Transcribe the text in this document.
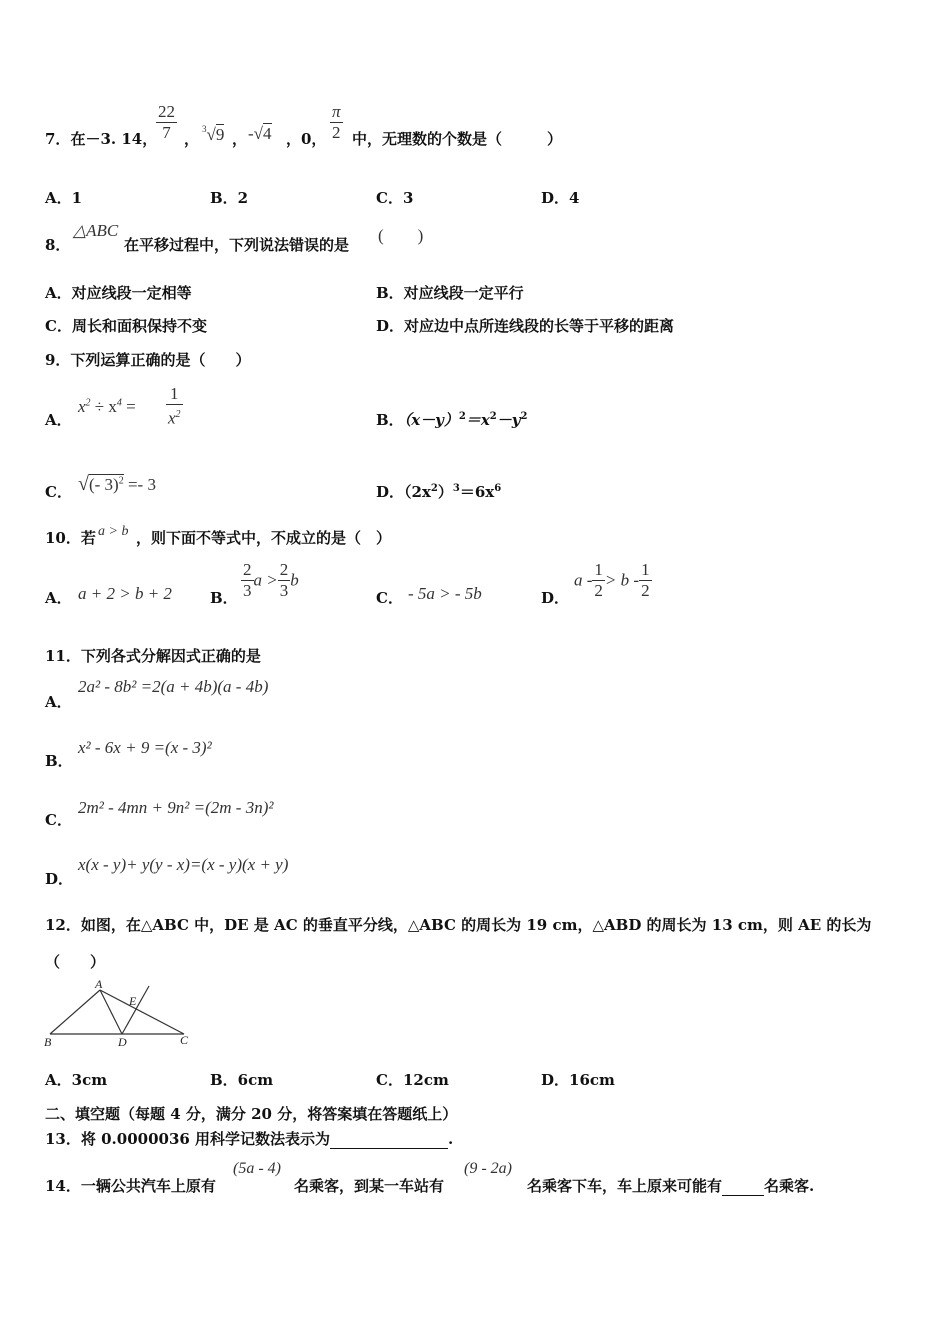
7．在－3. 14，
$\frac{22}{7}$ ，
$^3$√9 ， -√4 ，0， $\frac{\pi}{2}$ 中，无理数的个数是（　　　）
A．1	B．2	C．3	D．4
8．
△ABC
在平移过程中，下列说法错误的是 (　　)
A．对应线段一定相等	B．对应线段一定平行
C．周长和面积保持不变	D．对应边中点所连线段的长等于平移的距离
9．下列运算正确的是（　　）
A．
$x^2 \div x^4 = \frac{1}{x^2}$	B．$(x-y)^2=x^2-y^2$
C． √(- 3)$^2$ =- 3	D．$(2x^2)^3=6x^6$
10．若 a > b ，则下面不等式中，不成立的是（　）
A． a + 2 > b + 2	B． $\frac{2}{3}$ $a > \frac{2}{3}$ b
C． - 5a > - 5b	D．
$a - \frac{1}{2} > b - \frac{1}{2}$
11．下列各式分解因式正确的是
A．
2a² - 8b² =2(a + 4b)(a - 4b)
B．
x² - 6x + 9 =(x - 3)²
C．
2m² - 4mn + 9n² =(2m - 3n)²
D．
x(x - y)+ y(y - x)=(x - y)(x + y)
12．如图，在△ABC 中，DE 是 AC 的垂直平分线，△ABC 的周长为 19 cm，△ABD 的周长为 13 cm，则 AE 的长为
（　　）
A
B	C
D
E
A．3cm	B．6cm	C．12cm	D．16cm
二、填空题（每题 4 分，满分 20 分，将答案填在答题纸上）
13．将 0.0000036 用科学记数法表示为	.
14．一辆公共汽车上原有
(5a - 4)
名乘客，到某一车站有
(9 - 2a)
名乘客下车，车上原来可能有	名乘客.
